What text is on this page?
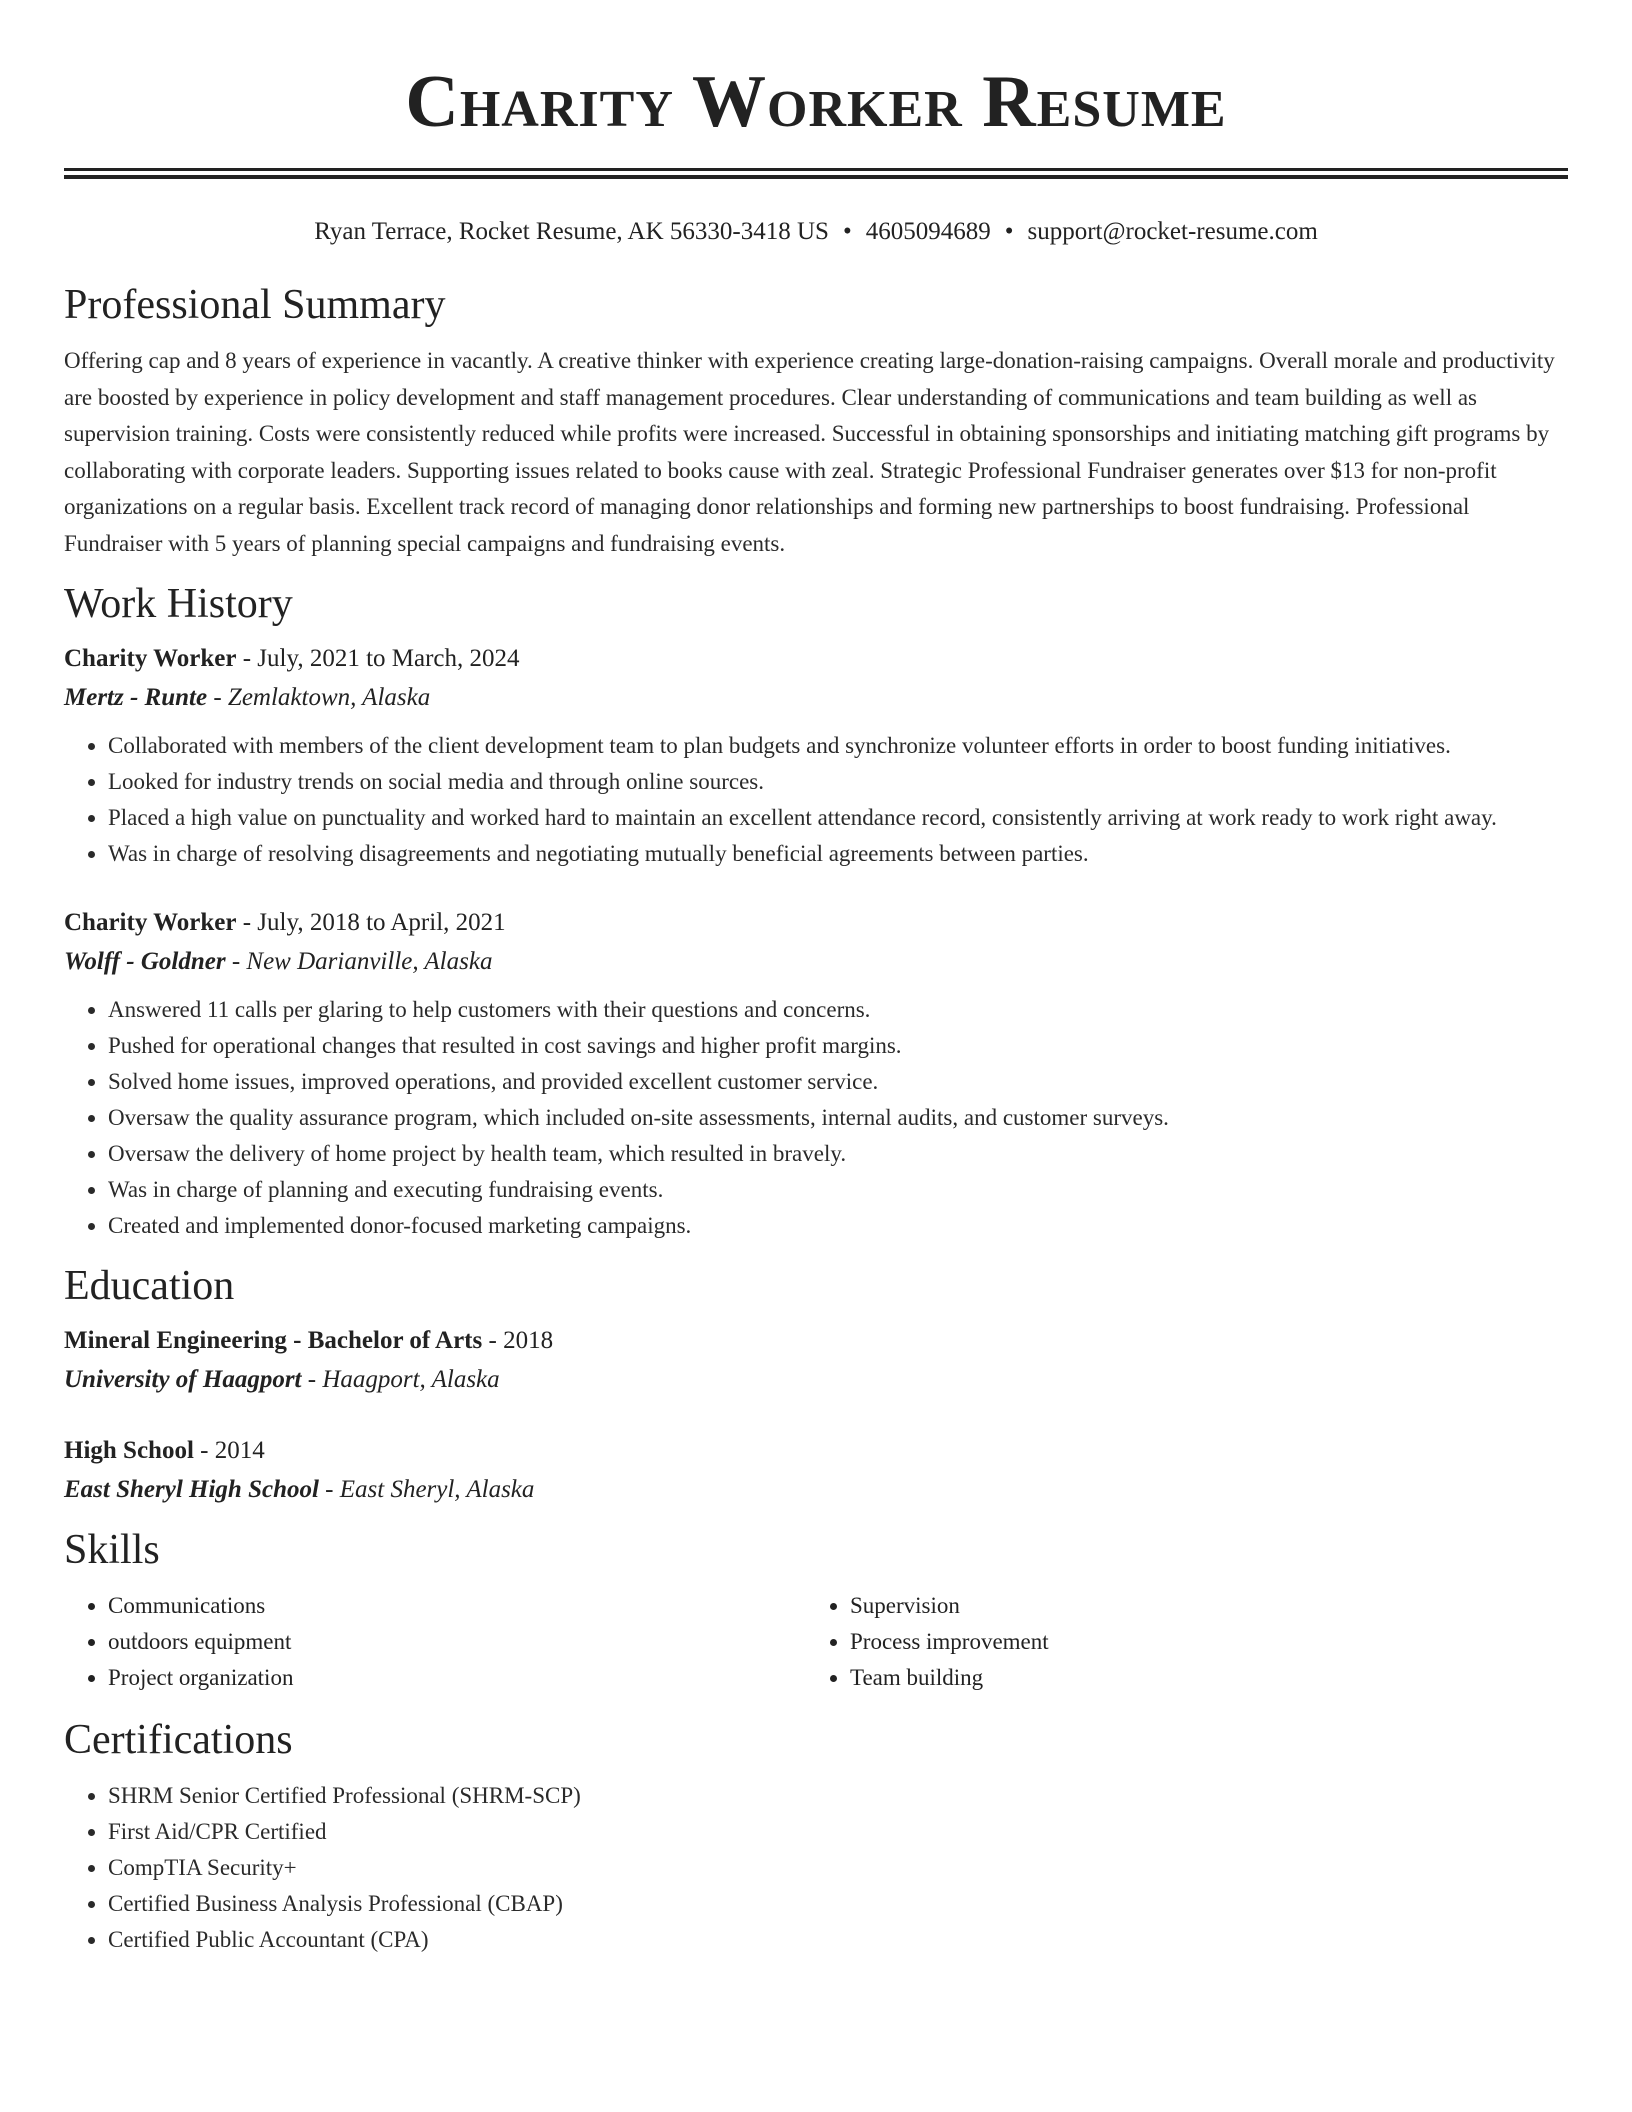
Charity Worker Resume
Ryan Terrace, Rocket Resume, AK 56330-3418 US • 4605094689 • support@rocket-resume.com
Professional Summary

Offering cap and 8 years of experience in vacantly. A creative thinker with experience creating large-donation-raising campaigns. Overall morale and productivity are boosted by experience in policy development and staff management procedures. Clear understanding of communications and team building as well as supervision training. Costs were consistently reduced while profits were increased. Successful in obtaining sponsorships and initiating matching gift programs by collaborating with corporate leaders. Supporting issues related to books cause with zeal. Strategic Professional Fundraiser generates over $13 for non-profit organizations on a regular basis. Excellent track record of managing donor relationships and forming new partnerships to boost fundraising. Professional Fundraiser with 5 years of planning special campaigns and fundraising events.

Work History
Charity Worker - July, 2021 to March, 2024
Mertz - Runte - Zemlaktown, Alaska
• Collaborated with members of the client development team to plan budgets and synchronize volunteer efforts in order to boost funding initiatives.
• Looked for industry trends on social media and through online sources.
• Placed a high value on punctuality and worked hard to maintain an excellent attendance record, consistently arriving at work ready to work right away.
• Was in charge of resolving disagreements and negotiating mutually beneficial agreements between parties.
Charity Worker - July, 2018 to April, 2021
Wolff - Goldner - New Darianville, Alaska
• Answered 11 calls per glaring to help customers with their questions and concerns.
• Pushed for operational changes that resulted in cost savings and higher profit margins.
• Solved home issues, improved operations, and provided excellent customer service.
• Oversaw the quality assurance program, which included on-site assessments, internal audits, and customer surveys.
• Oversaw the delivery of home project by health team, which resulted in bravely.
• Was in charge of planning and executing fundraising events.
• Created and implemented donor-focused marketing campaigns.
Education
Mineral Engineering - Bachelor of Arts - 2018
University of Haagport - Haagport, Alaska
High School - 2014
East Sheryl High School - East Sheryl, Alaska
Skills
• Communications
• outdoors equipment
• Project organization
• Supervision
• Process improvement
• Team building
Certifications
• SHRM Senior Certified Professional (SHRM-SCP)
• First Aid/CPR Certified
• CompTIA Security+
• Certified Business Analysis Professional (CBAP)
• Certified Public Accountant (CPA)
